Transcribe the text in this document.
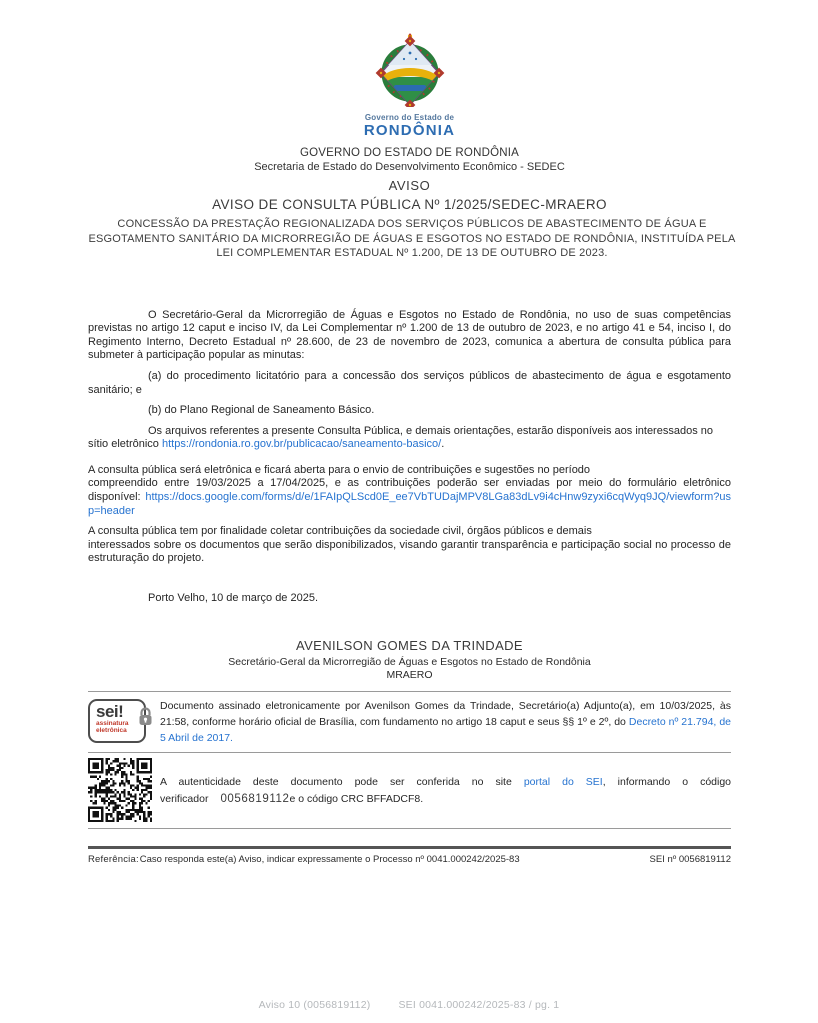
Governo do Estado de
RONDÔNIA
GOVERNO DO ESTADO DE RONDÔNIA
Secretaria de Estado do Desenvolvimento Econômico - SEDEC
AVISO
AVISO DE CONSULTA PÚBLICA Nº 1/2025/SEDEC-MRAERO
CONCESSÃO DA PRESTAÇÃO REGIONALIZADA DOS SERVIÇOS PÚBLICOS DE ABASTECIMENTO DE ÁGUA E ESGOTAMENTO SANITÁRIO DA MICRORREGIÃO DE ÁGUAS E ESGOTOS NO ESTADO DE RONDÔNIA, INSTITUÍDA PELA LEI COMPLEMENTAR ESTADUAL Nº 1.200, DE 13 DE OUTUBRO DE 2023.

O Secretário-Geral da Microrregião de Águas e Esgotos no Estado de Rondônia, no uso de suas competências previstas no artigo 12 caput e inciso IV, da Lei Complementar nº 1.200 de 13 de outubro de 2023, e no artigo 41 e 54, inciso I, do Regimento Interno, Decreto Estadual nº 28.600, de 23 de novembro de 2023, comunica a abertura de consulta pública para submeter à participação popular as minutas:

(a) do procedimento licitatório para a concessão dos serviços públicos de abastecimento de água e esgotamento sanitário; e

(b) do Plano Regional de Saneamento Básico.

Os arquivos referentes a presente Consulta Pública, e demais orientações, estarão disponíveis aos interessados no
sítio eletrônico https://rondonia.ro.gov.br/publicacao/saneamento-basico/.

A consulta pública será eletrônica e ficará aberta para o envio de contribuições e sugestões no período
compreendido entre 19/03/2025 a 17/04/2025, e as contribuições poderão ser enviadas por meio do formulário eletrônico disponível: https://docs.google.com/forms/d/e/1FAIpQLScd0E_ee7VbTUDajMPV8LGa83dLv9i4cHnw9zyxi6cqWyq9JQ/viewform?usp=header

A consulta pública tem por finalidade coletar contribuições da sociedade civil, órgãos públicos e demais
interessados sobre os documentos que serão disponibilizados, visando garantir transparência e participação social no processo de estruturação do projeto.

Porto Velho, 10 de março de 2025.

AVENILSON GOMES DA TRINDADE
Secretário-Geral da Microrregião de Águas e Esgotos no Estado de Rondônia
MRAERO
sei!
assinatura
eletrônica

Documento assinado eletronicamente por Avenilson Gomes da Trindade, Secretário(a) Adjunto(a), em 10/03/2025, às 21:58, conforme horário oficial de Brasília, com fundamento no artigo 18 caput e seus §§ 1º e 2º, do Decreto nº 21.794, de 5 Abril de 2017.

A autenticidade deste documento pode ser conferida no site portal do SEI, informando o código verificador 0056819112e o código CRC BFFADCF8.

Referência:Caso responda este(a) Aviso, indicar expressamente o Processo nº 0041.000242/2025-83	SEI nº 0056819112
Aviso 10 (0056819112)	SEI 0041.000242/2025-83 / pg. 1
